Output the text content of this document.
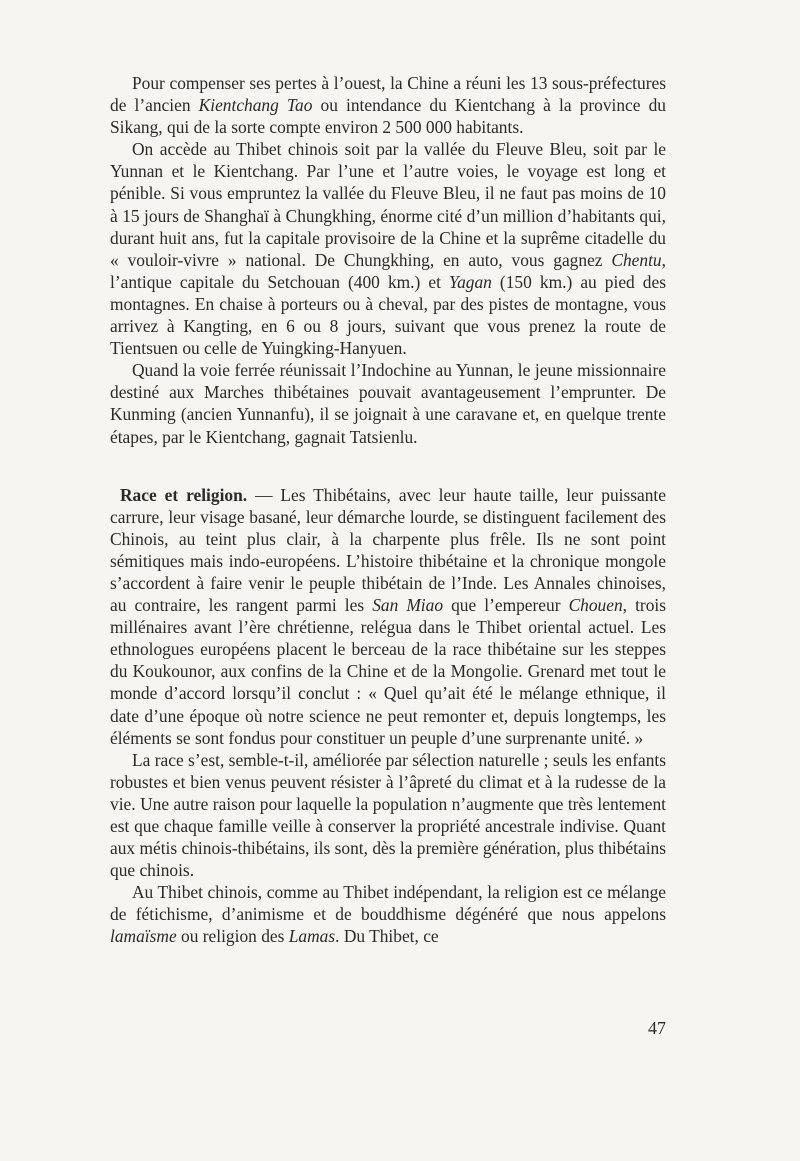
Pour compenser ses pertes à l’ouest, la Chine a réuni les 13 sous-préfectures de l’ancien Kientchang Tao ou intendance du Kientchang à la province du Sikang, qui de la sorte compte environ 2 500 000 habitants.

On accède au Thibet chinois soit par la vallée du Fleuve Bleu, soit par le Yunnan et le Kientchang. Par l’une et l’autre voies, le voyage est long et pénible. Si vous empruntez la vallée du Fleuve Bleu, il ne faut pas moins de 10 à 15 jours de Shanghaï à Chungkhing, énorme cité d’un million d’habitants qui, durant huit ans, fut la capitale provisoire de la Chine et la suprême citadelle du « vouloir-vivre » national. De Chungkhing, en auto, vous gagnez Chentu, l’antique capitale du Setchouan (400 km.) et Yagan (150 km.) au pied des montagnes. En chaise à porteurs ou à cheval, par des pistes de montagne, vous arrivez à Kangting, en 6 ou 8 jours, suivant que vous prenez la route de Tientsuen ou celle de Yuingking-Hanyuen.

Quand la voie ferrée réunissait l’Indochine au Yunnan, le jeune missionnaire destiné aux Marches thibétaines pouvait avantageusement l’emprunter. De Kunming (ancien Yunnanfu), il se joignait à une caravane et, en quelque trente étapes, par le Kientchang, gagnait Tatsienlu.

Race et religion. — Les Thibétains, avec leur haute taille, leur puissante carrure, leur visage basané, leur démarche lourde, se distinguent facilement des Chinois, au teint plus clair, à la charpente plus frêle. Ils ne sont point sémitiques mais indo-européens. L’histoire thibétaine et la chronique mongole s’accordent à faire venir le peuple thibétain de l’Inde. Les Annales chinoises, au contraire, les rangent parmi les San Miao que l’empereur Chouen, trois millénaires avant l’ère chrétienne, relégua dans le Thibet oriental actuel. Les ethnologues européens placent le berceau de la race thibétaine sur les steppes du Koukounor, aux confins de la Chine et de la Mongolie. Grenard met tout le monde d’accord lorsqu’il conclut : « Quel qu’ait été le mélange ethnique, il date d’une époque où notre science ne peut remonter et, depuis longtemps, les éléments se sont fondus pour constituer un peuple d’une surprenante unité. »

La race s’est, semble-t-il, améliorée par sélection naturelle ; seuls les enfants robustes et bien venus peuvent résister à l’âpreté du climat et à la rudesse de la vie. Une autre raison pour laquelle la population n’augmente que très lentement est que chaque famille veille à conserver la propriété ancestrale indivise. Quant aux métis chinois-thibétains, ils sont, dès la première génération, plus thibétains que chinois.

Au Thibet chinois, comme au Thibet indépendant, la religion est ce mélange de fétichisme, d’animisme et de bouddhisme dégénéré que nous appelons lamaïsme ou religion des Lamas. Du Thibet, ce

47
